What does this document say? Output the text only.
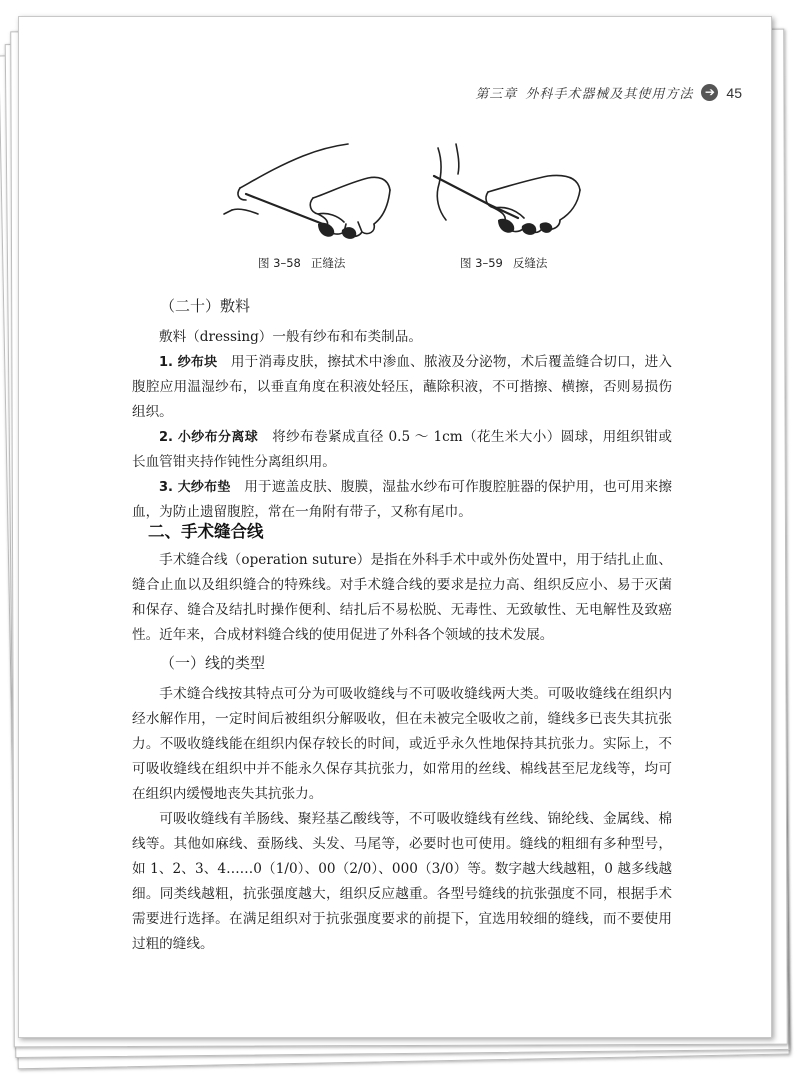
第三章 外科手术器械及其使用方法 ➔ 45
图 3–58 正缝法	图 3–59 反缝法
（二十）敷料
敷料（dressing）一般有纱布和布类制品。
1. 纱布块 用于消毒皮肤，擦拭术中渗血、脓液及分泌物，术后覆盖缝合切口，进入腹腔应用温湿纱布，以垂直角度在积液处轻压，蘸除积液，不可揩擦、横擦，否则易损伤组织。
2. 小纱布分离球 将纱布卷紧成直径 0.5 ～ 1cm（花生米大小）圆球，用组织钳或长血管钳夹持作钝性分离组织用。
3. 大纱布垫 用于遮盖皮肤、腹膜，湿盐水纱布可作腹腔脏器的保护用，也可用来擦血，为防止遗留腹腔，常在一角附有带子，又称有尾巾。
二、手术缝合线
手术缝合线（operation suture）是指在外科手术中或外伤处置中，用于结扎止血、缝合止血以及组织缝合的特殊线。对手术缝合线的要求是拉力高、组织反应小、易于灭菌和保存、缝合及结扎时操作便利、结扎后不易松脱、无毒性、无致敏性、无电解性及致癌性。近年来，合成材料缝合线的使用促进了外科各个领域的技术发展。
（一）线的类型
手术缝合线按其特点可分为可吸收缝线与不可吸收缝线两大类。可吸收缝线在组织内经水解作用，一定时间后被组织分解吸收，但在未被完全吸收之前，缝线多已丧失其抗张力。不吸收缝线能在组织内保存较长的时间，或近乎永久性地保持其抗张力。实际上，不可吸收缝线在组织中并不能永久保存其抗张力，如常用的丝线、棉线甚至尼龙线等，均可在组织内缓慢地丧失其抗张力。
可吸收缝线有羊肠线、聚羟基乙酸线等，不可吸收缝线有丝线、锦纶线、金属线、棉线等。其他如麻线、蚕肠线、头发、马尾等，必要时也可使用。缝线的粗细有多种型号，如 1、2、3、4……0（1/0）、00（2/0）、000（3/0）等。数字越大线越粗，0 越多线越细。同类线越粗，抗张强度越大，组织反应越重。各型号缝线的抗张强度不同，根据手术需要进行选择。在满足组织对于抗张强度要求的前提下，宜选用较细的缝线，而不要使用过粗的缝线。
